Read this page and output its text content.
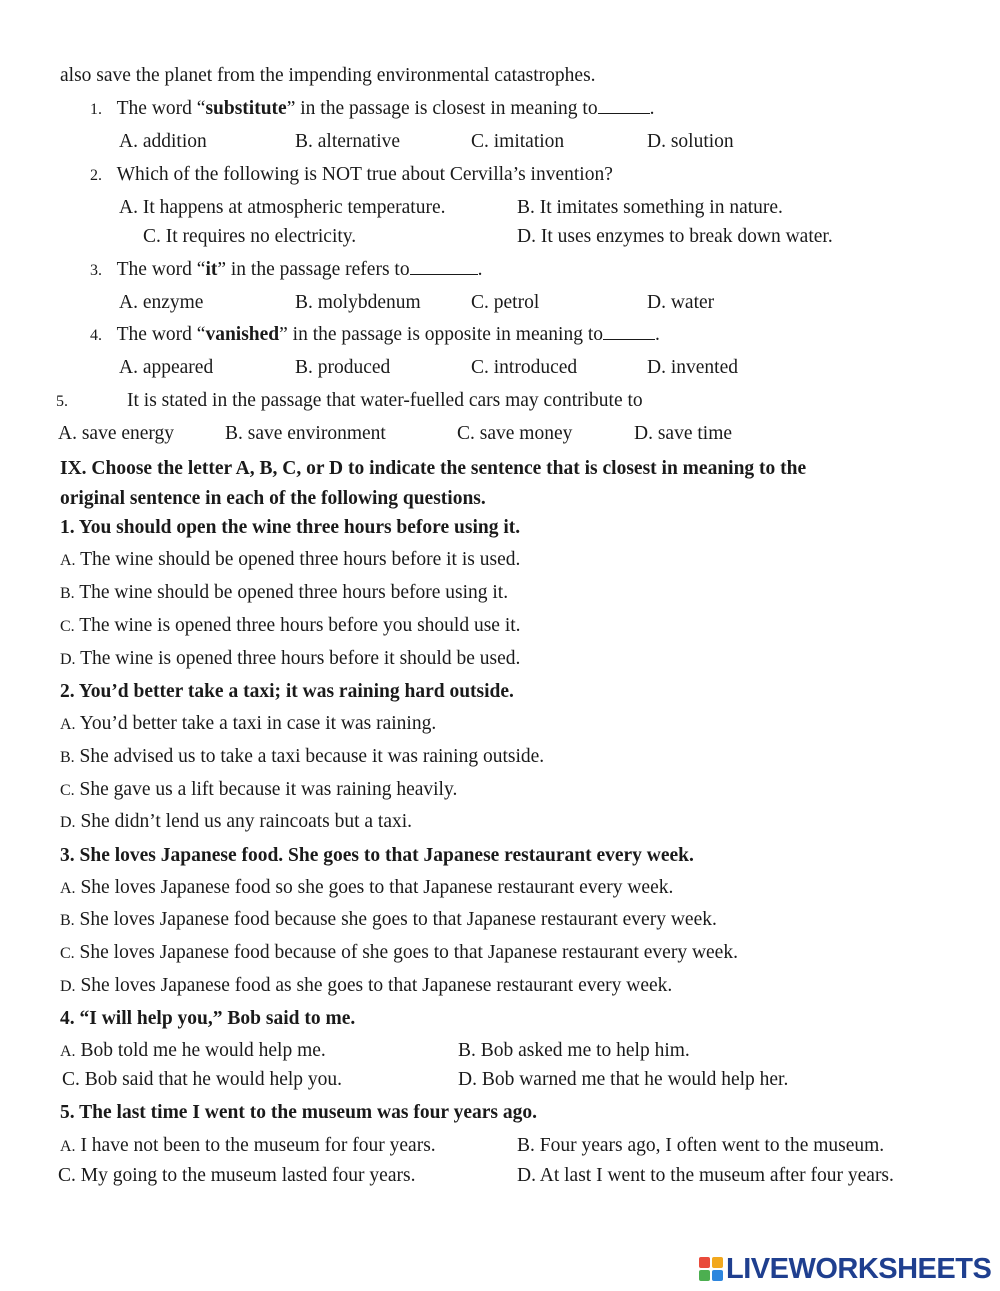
also save the planet from the impending environmental catastrophes.
1. The word “substitute” in the passage is closest in meaning to	.
A. addition	B. alternative	C. imitation	D. solution
2. Which of the following is NOT true about Cervilla’s invention?
A. It happens at atmospheric temperature.	B. It imitates something in nature.
C. It requires no electricity.	D. It uses enzymes to break down water.
3. The word “it” in the passage refers to	.
A. enzyme	B. molybdenum	C. petrol	D. water
4. The word “vanished” in the passage is opposite in meaning to	.
A. appeared	B. produced	C. introduced	D. invented
5.	It is stated in the passage that water-fuelled cars may contribute to
A. save energy	B. save environment	C. save money	D. save time
IX. Choose the letter A, B, C, or D to indicate the sentence that is closest in meaning to the
original sentence in each of the following questions.
1. You should open the wine three hours before using it.
A. The wine should be opened three hours before it is used.
B. The wine should be opened three hours before using it.
C. The wine is opened three hours before you should use it.
D. The wine is opened three hours before it should be used.
2. You’d better take a taxi; it was raining hard outside.
A. You’d better take a taxi in case it was raining.
B. She advised us to take a taxi because it was raining outside.
C. She gave us a lift because it was raining heavily.
D. She didn’t lend us any raincoats but a taxi.
3. She loves Japanese food. She goes to that Japanese restaurant every week.
A. She loves Japanese food so she goes to that Japanese restaurant every week.
B. She loves Japanese food because she goes to that Japanese restaurant every week.
C. She loves Japanese food because of she goes to that Japanese restaurant every week.
D. She loves Japanese food as she goes to that Japanese restaurant every week.
4. “I will help you,” Bob said to me.
A. Bob told me he would help me.	B. Bob asked me to help him.
C. Bob said that he would help you.	D. Bob warned me that he would help her.
5. The last time I went to the museum was four years ago.
A. I have not been to the museum for four years.	B. Four years ago, I often went to the museum.
C. My going to the museum lasted four years.	D. At last I went to the museum after four years.
LIVEWORKSHEETS
